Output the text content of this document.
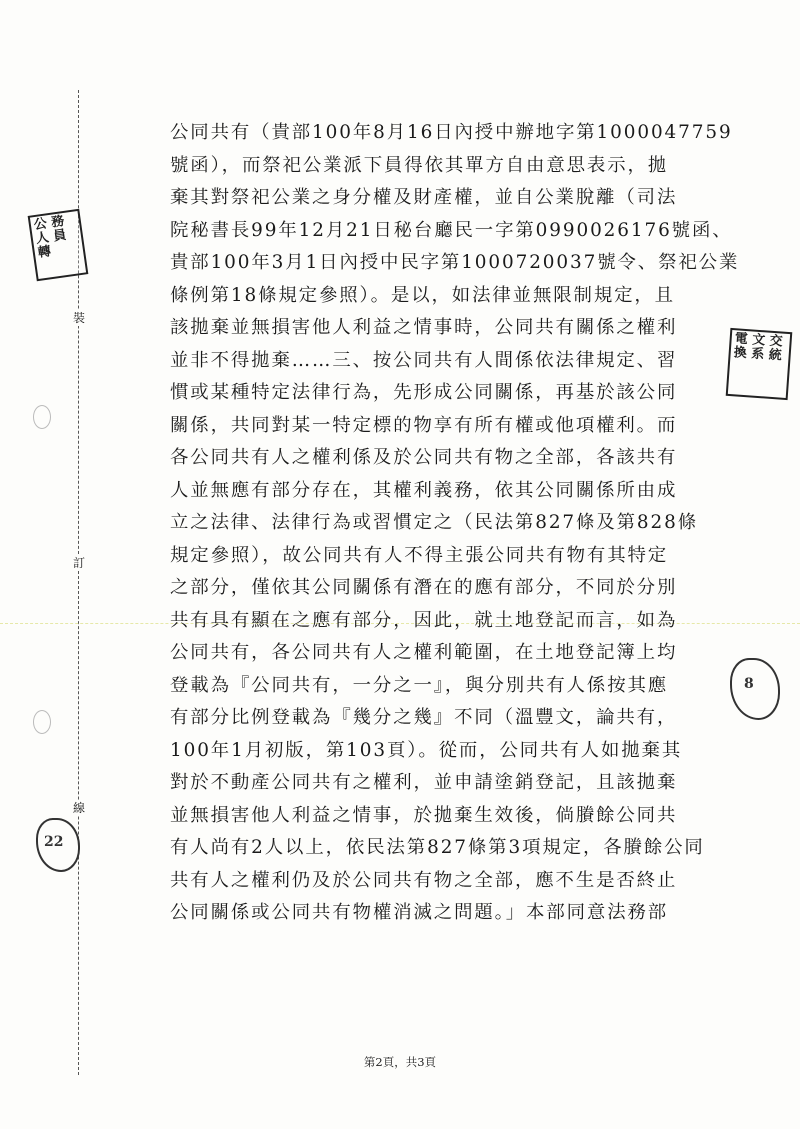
裝
訂
線
公 務 人 員 轉
電 文 交 換 系 統
8
22
公同共有（貴部100年8月16日內授中辦地字第1000047759
號函），而祭祀公業派下員得依其單方自由意思表示，拋
棄其對祭祀公業之身分權及財產權，並自公業脫離（司法
院秘書長99年12月21日秘台廳民一字第0990026176號函、
貴部100年3月1日內授中民字第1000720037號令、祭祀公業
條例第18條規定參照）。是以，如法律並無限制規定，且
該拋棄並無損害他人利益之情事時，公同共有關係之權利
並非不得拋棄……三、按公同共有人間係依法律規定、習
慣或某種特定法律行為，先形成公同關係，再基於該公同
關係，共同對某一特定標的物享有所有權或他項權利。而
各公同共有人之權利係及於公同共有物之全部，各該共有
人並無應有部分存在，其權利義務，依其公同關係所由成
立之法律、法律行為或習慣定之（民法第827條及第828條
規定參照），故公同共有人不得主張公同共有物有其特定
之部分，僅依其公同關係有潛在的應有部分，不同於分別
共有具有顯在之應有部分，因此，就土地登記而言，如為
公同共有，各公同共有人之權利範圍，在土地登記簿上均
登載為『公同共有，一分之一』，與分別共有人係按其應
有部分比例登載為『幾分之幾』不同（溫豐文，論共有，
100年1月初版，第103頁）。從而，公同共有人如拋棄其
對於不動產公同共有之權利，並申請塗銷登記，且該拋棄
並無損害他人利益之情事，於拋棄生效後，倘賸餘公同共
有人尚有2人以上，依民法第827條第3項規定，各賸餘公同
共有人之權利仍及於公同共有物之全部，應不生是否終止
公同關係或公同共有物權消滅之問題。」本部同意法務部
第2頁，共3頁
